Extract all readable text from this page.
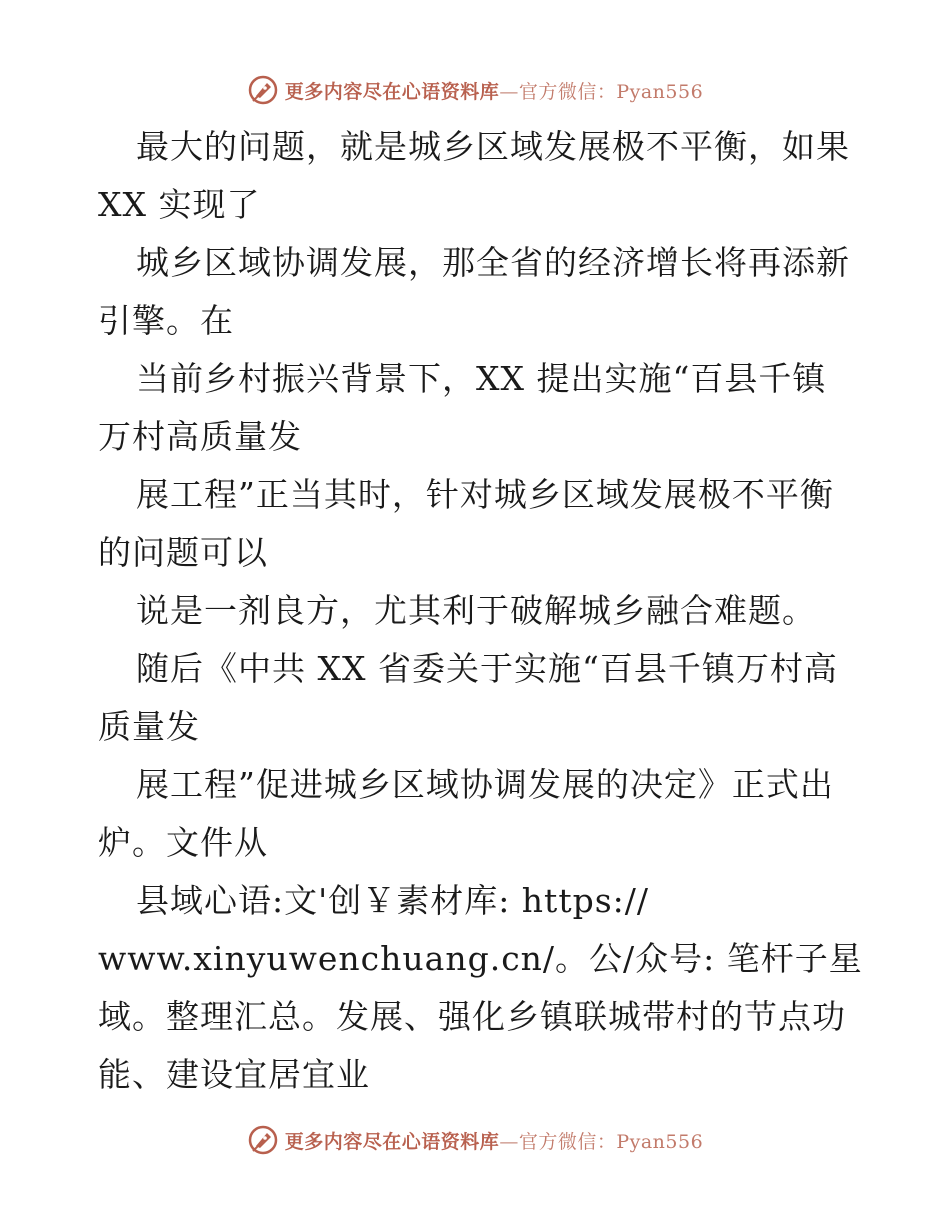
更多内容尽在心语资料库—官方微信：Pyan556
最大的问题，就是城乡区域发展极不平衡，如果
XX 实现了
城乡区域协调发展，那全省的经济增长将再添新
引擎。在
当前乡村振兴背景下，XX 提出实施“百县千镇
万村高质量发
展工程”正当其时，针对城乡区域发展极不平衡
的问题可以
说是一剂良方，尤其利于破解城乡融合难题。
随后《中共 XX 省委关于实施“百县千镇万村高
质量发
展工程”促进城乡区域协调发展的决定》正式出
炉。文件从
县域心语:文'创￥素材库: https://
www.xinyuwenchuang.cn/。公/众号: 笔杆子星
域。整理汇总。发展、强化乡镇联城带村的节点功
能、建设宜居宜业
更多内容尽在心语资料库—官方微信：Pyan556
